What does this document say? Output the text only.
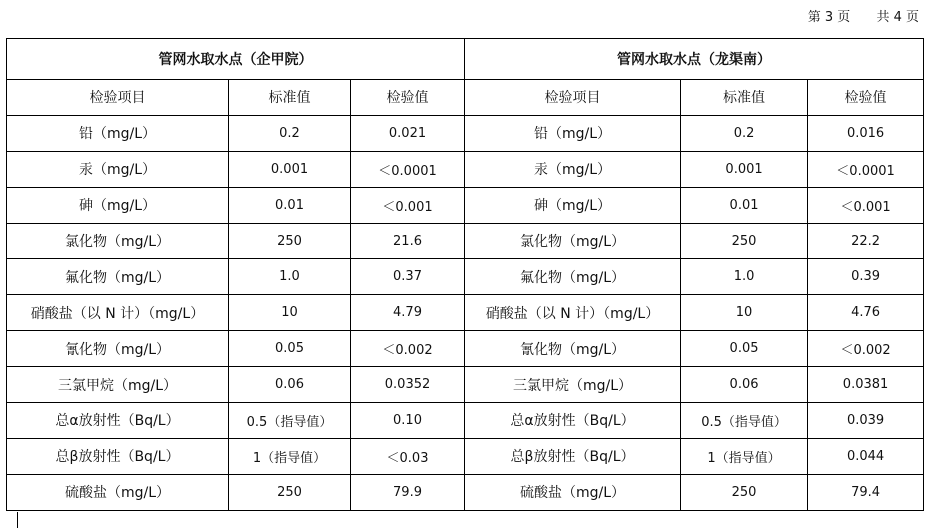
第 3 页 共 4 页
管网水取水点（企甲院）			管网水取水点（龙渠南）		
检验项目	标准值	检验值	检验项目	标准值	检验值
铅（mg/L）	0.2	0.021	铅（mg/L）	0.2	0.016
汞（mg/L）	0.001	＜0.0001	汞（mg/L）	0.001	＜0.0001
砷（mg/L）	0.01	＜0.001	砷（mg/L）	0.01	＜0.001
氯化物（mg/L）	250	21.6	氯化物（mg/L）	250	22.2
氟化物（mg/L）	1.0	0.37	氟化物（mg/L）	1.0	0.39
硝酸盐（以 N 计）（mg/L）	10	4.79	硝酸盐（以 N 计）（mg/L）	10	4.76
氰化物（mg/L）	0.05	＜0.002	氰化物（mg/L）	0.05	＜0.002
三氯甲烷（mg/L）	0.06	0.0352	三氯甲烷（mg/L）	0.06	0.0381
总α放射性（Bq/L）	0.5（指导值）	0.10	总α放射性（Bq/L）	0.5（指导值）	0.039
总β放射性（Bq/L）	1（指导值）	＜0.03	总β放射性（Bq/L）	1（指导值）	0.044
硫酸盐（mg/L）	250	79.9	硫酸盐（mg/L）	250	79.4
